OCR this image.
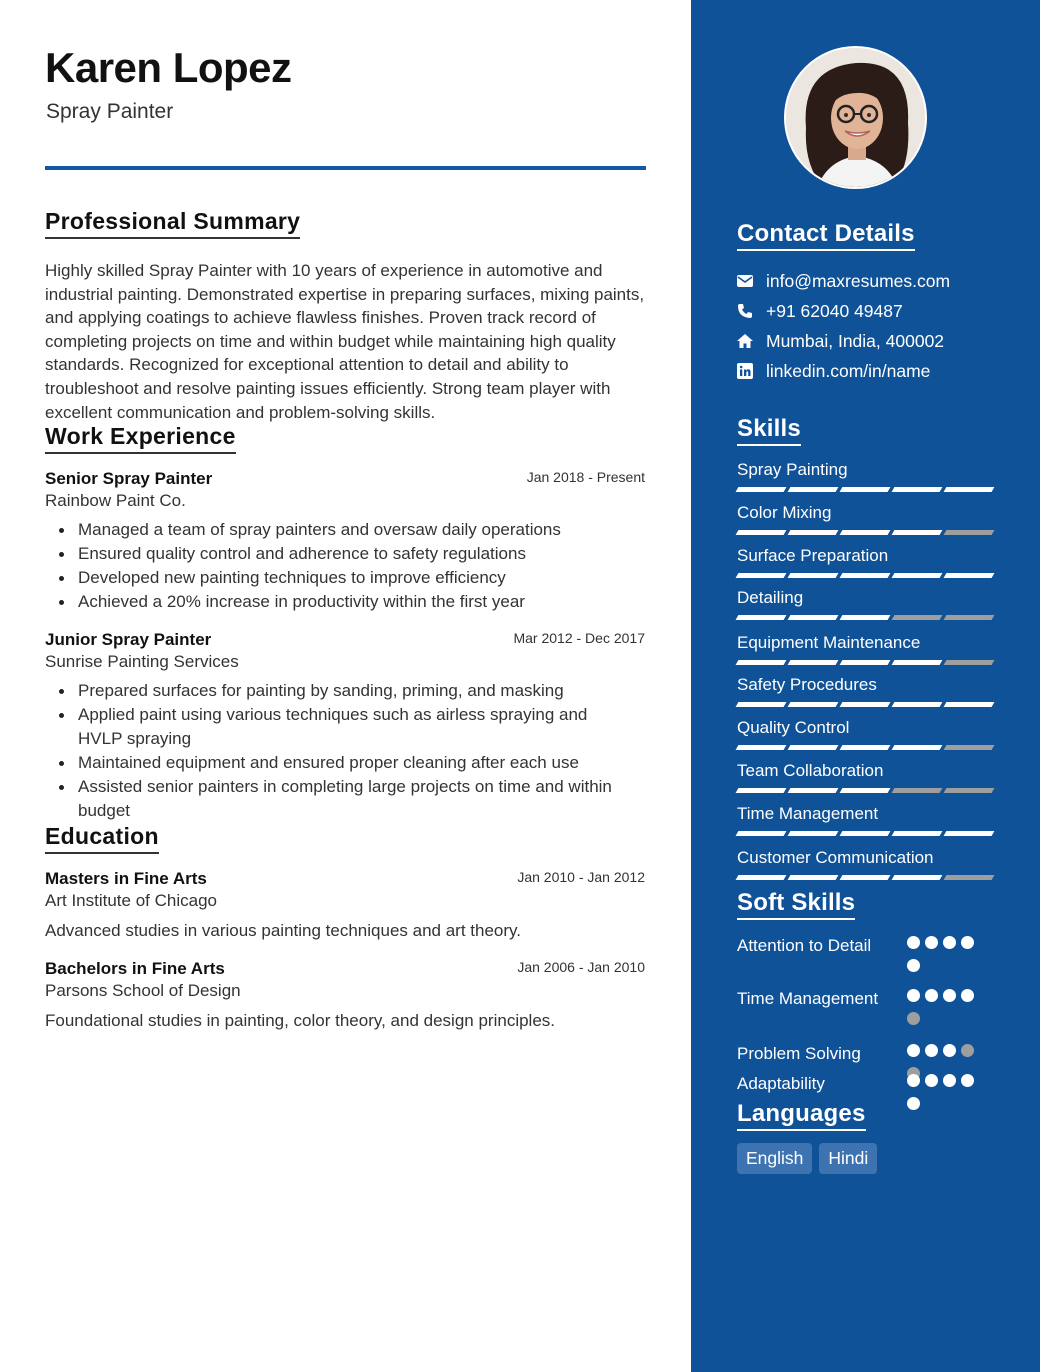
Karen Lopez
Spray Painter
Professional Summary
Highly skilled Spray Painter with 10 years of experience in automotive and industrial painting. Demonstrated expertise in preparing surfaces, mixing paints, and applying coatings to achieve flawless finishes. Proven track record of completing projects on time and within budget while maintaining high quality standards. Recognized for exceptional attention to detail and ability to troubleshoot and resolve painting issues efficiently. Strong team player with excellent communication and problem-solving skills.
Work Experience
Senior Spray Painter	Jan 2018 - Present
Rainbow Paint Co.
Managed a team of spray painters and oversaw daily operations
Ensured quality control and adherence to safety regulations
Developed new painting techniques to improve efficiency
Achieved a 20% increase in productivity within the first year
Junior Spray Painter	Mar 2012 - Dec 2017
Sunrise Painting Services
Prepared surfaces for painting by sanding, priming, and masking
Applied paint using various techniques such as airless spraying and HVLP spraying
Maintained equipment and ensured proper cleaning after each use
Assisted senior painters in completing large projects on time and within budget
Education
Masters in Fine Arts	Jan 2010 - Jan 2012
Art Institute of Chicago
Advanced studies in various painting techniques and art theory.
Bachelors in Fine Arts	Jan 2006 - Jan 2010
Parsons School of Design
Foundational studies in painting, color theory, and design principles.
Contact Details
info@maxresumes.com
+91 62040 49487
Mumbai, India, 400002
linkedin.com/in/name
Skills
Spray Painting
Color Mixing
Surface Preparation
Detailing
Equipment Maintenance
Safety Procedures
Quality Control
Team Collaboration
Time Management
Customer Communication
Soft Skills
Attention to Detail
Time Management
Problem Solving
Adaptability
Languages
English	Hindi
